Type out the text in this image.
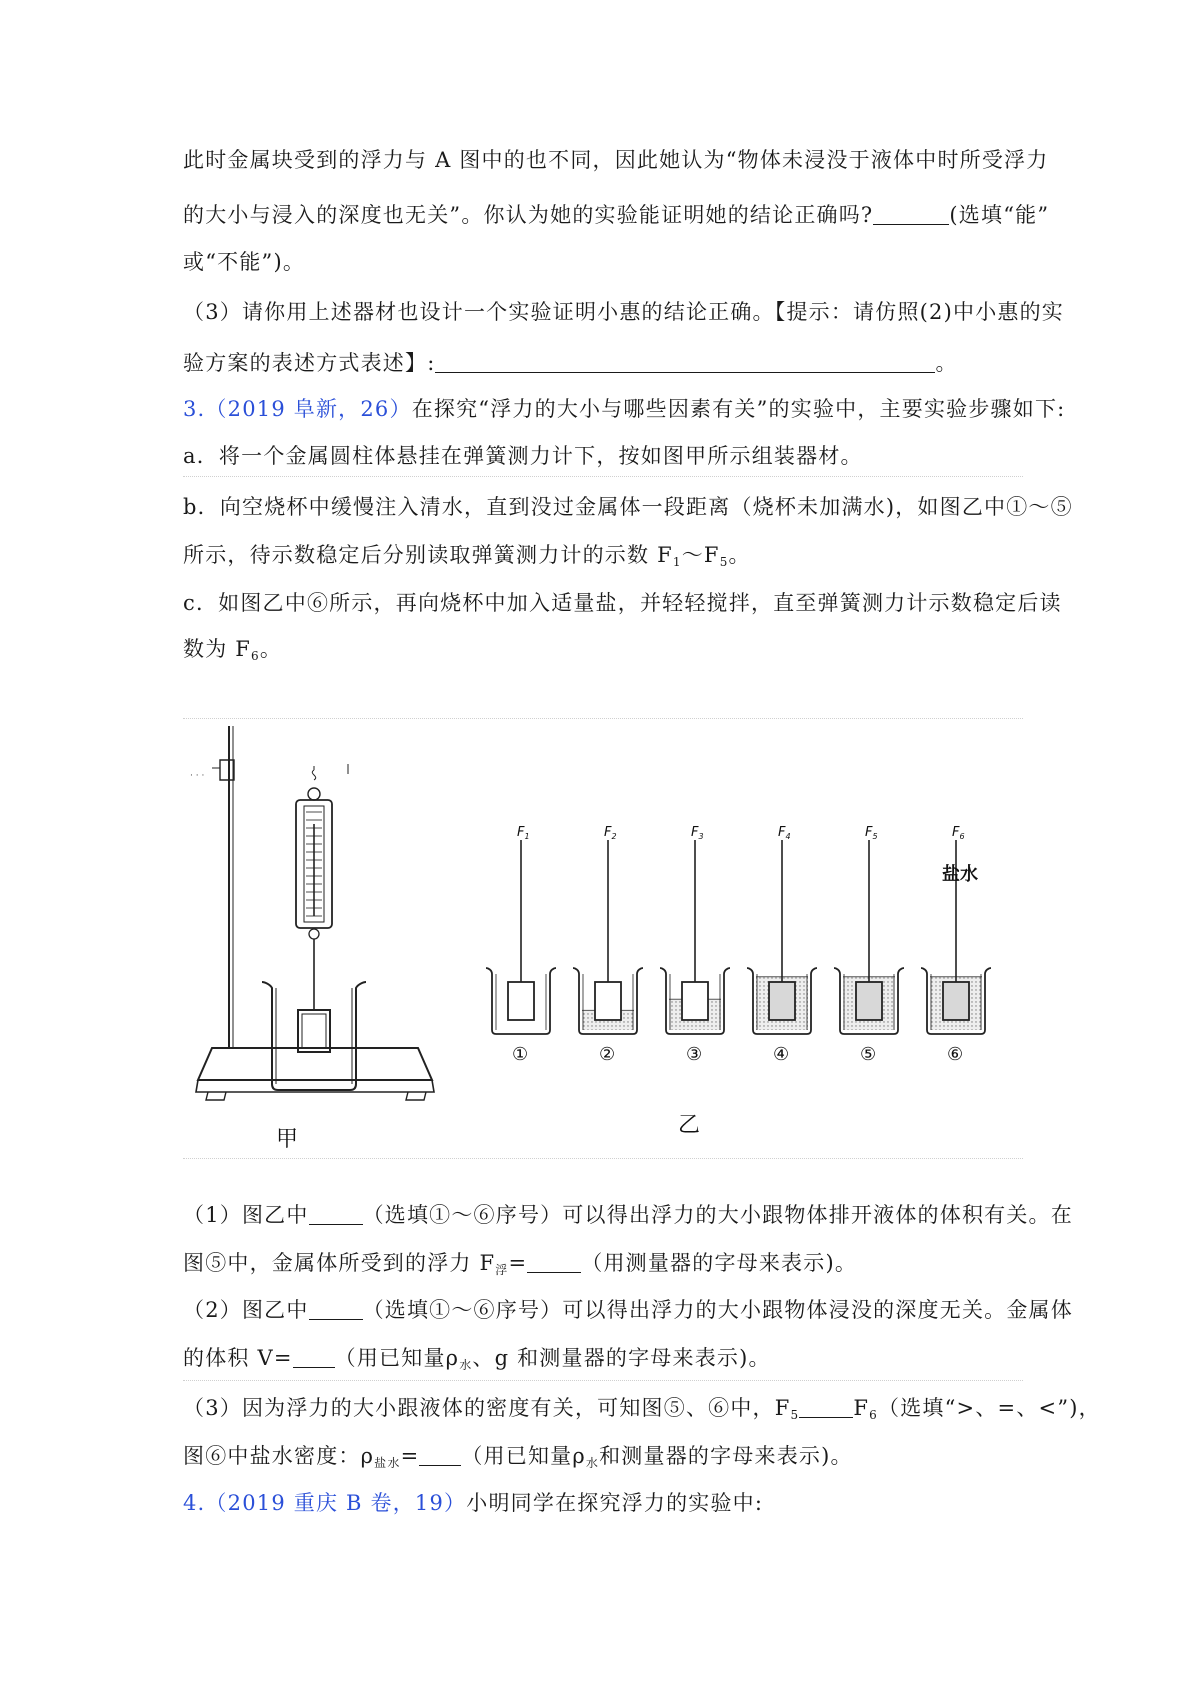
此时金属块受到的浮力与 A 图中的也不同，因此她认为“物体未浸没于液体中时所受浮力
的大小与浸入的深度也无关”。你认为她的实验能证明她的结论正确吗?	(选填“能”
或“不能”)。
（3）请你用上述器材也设计一个实验证明小惠的结论正确。【提示：请仿照(2)中小惠的实
验方案的表述方式表述】:	。
3.（2019 阜新，26）在探究“浮力的大小与哪些因素有关”的实验中，主要实验步骤如下:
a．将一个金属圆柱体悬挂在弹簧测力计下，按如图甲所示组装器材。
b．向空烧杯中缓慢注入清水，直到没过金属体一段距离（烧杯未加满水)，如图乙中①～⑤
所示，待示数稳定后分别读取弹簧测力计的示数 $F_1\sim F_5$。
c．如图乙中⑥所示，再向烧杯中加入适量盐，并轻轻搅拌，直至弹簧测力计示数稳定后读
数为 $F_6$。
· · ·
甲
$F_1$
①
$F_2$
②
$F_3$
③
$F_4$
④
$F_5$
⑤
$F_6$
⑥
盐水
乙
（1）图乙中	（选填①～⑥序号）可以得出浮力的大小跟物体排开液体的体积有关。在
图⑤中，金属体所受到的浮力 $F_浮=$	（用测量器的字母来表示)。
（2）图乙中	（选填①～⑥序号）可以得出浮力的大小跟物体浸没的深度无关。金属体
的体积 V= （用已知量$\rho_水$、g 和测量器的字母来表示)。
（3）因为浮力的大小跟液体的密度有关，可知图⑤、⑥中，$F_5$	$F_6$（选填“>、=、<”)，
图⑥中盐水密度：$\rho_{盐水}=$ （用已知量$\rho_水$和测量器的字母来表示)。
4.（2019 重庆 B 卷，19）小明同学在探究浮力的实验中:
